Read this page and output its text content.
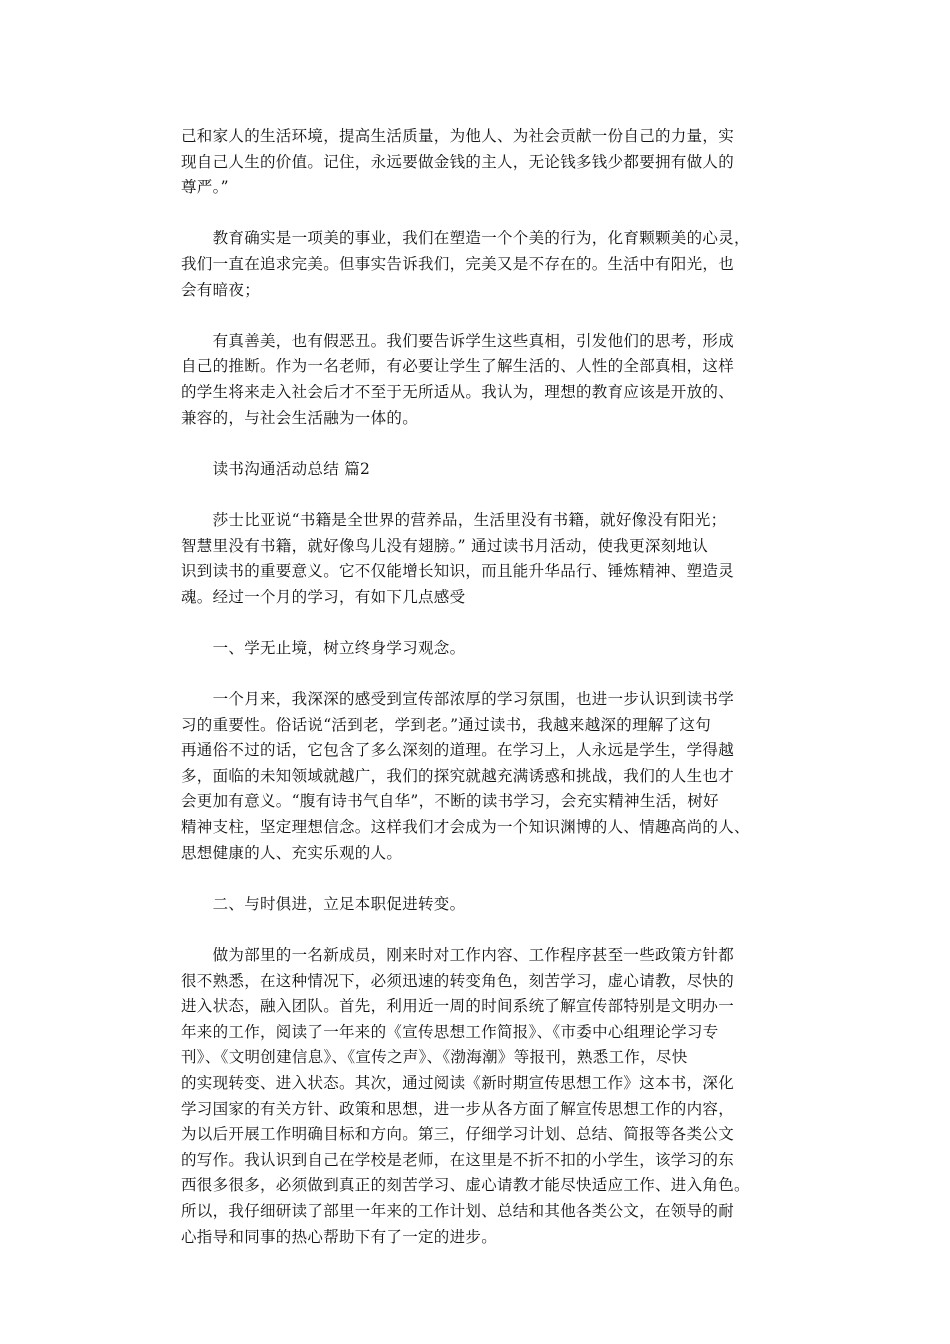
己和家人的生活环境，提高生活质量，为他人、为社会贡献一份自己的力量，实
现自己人生的价值。记住，永远要做金钱的主人，无论钱多钱少都要拥有做人的
尊严。”
　　教育确实是一项美的事业，我们在塑造一个个美的行为，化育颗颗美的心灵，
我们一直在追求完美。但事实告诉我们，完美又是不存在的。生活中有阳光，也
会有暗夜；
　　有真善美，也有假恶丑。我们要告诉学生这些真相，引发他们的思考，形成
自己的推断。作为一名老师，有必要让学生了解生活的、人性的全部真相，这样
的学生将来走入社会后才不至于无所适从。我认为，理想的教育应该是开放的、
兼容的，与社会生活融为一体的。
　　读书沟通活动总结 篇2
　　莎士比亚说“书籍是全世界的营养品，生活里没有书籍，就好像没有阳光；
智慧里没有书籍，就好像鸟儿没有翅膀。” 通过读书月活动，使我更深刻地认
识到读书的重要意义。它不仅能增长知识，而且能升华品行、锤炼精神、塑造灵
魂。经过一个月的学习，有如下几点感受
　　一、学无止境，树立终身学习观念。
　　一个月来，我深深的感受到宣传部浓厚的学习氛围，也进一步认识到读书学
习的重要性。俗话说“活到老，学到老。”通过读书，我越来越深的理解了这句
再通俗不过的话，它包含了多么深刻的道理。在学习上，人永远是学生，学得越
多，面临的未知领域就越广，我们的探究就越充满诱惑和挑战，我们的人生也才
会更加有意义。“腹有诗书气自华”，不断的读书学习，会充实精神生活，树好
精神支柱，坚定理想信念。这样我们才会成为一个知识渊博的人、情趣高尚的人、
思想健康的人、充实乐观的人。
　　二、与时俱进，立足本职促进转变。
　　做为部里的一名新成员，刚来时对工作内容、工作程序甚至一些政策方针都
很不熟悉，在这种情况下，必须迅速的转变角色，刻苦学习，虚心请教，尽快的
进入状态，融入团队。首先，利用近一周的时间系统了解宣传部特别是文明办一
年来的工作，阅读了一年来的《宣传思想工作简报》、《市委中心组理论学习专
刊》、《文明创建信息》、《宣传之声》、《渤海潮》等报刊，熟悉工作，尽快
的实现转变、进入状态。其次，通过阅读《新时期宣传思想工作》这本书，深化
学习国家的有关方针、政策和思想，进一步从各方面了解宣传思想工作的内容，
为以后开展工作明确目标和方向。第三，仔细学习计划、总结、简报等各类公文
的写作。我认识到自己在学校是老师，在这里是不折不扣的小学生，该学习的东
西很多很多，必须做到真正的刻苦学习、虚心请教才能尽快适应工作、进入角色。
所以，我仔细研读了部里一年来的工作计划、总结和其他各类公文，在领导的耐
心指导和同事的热心帮助下有了一定的进步。
